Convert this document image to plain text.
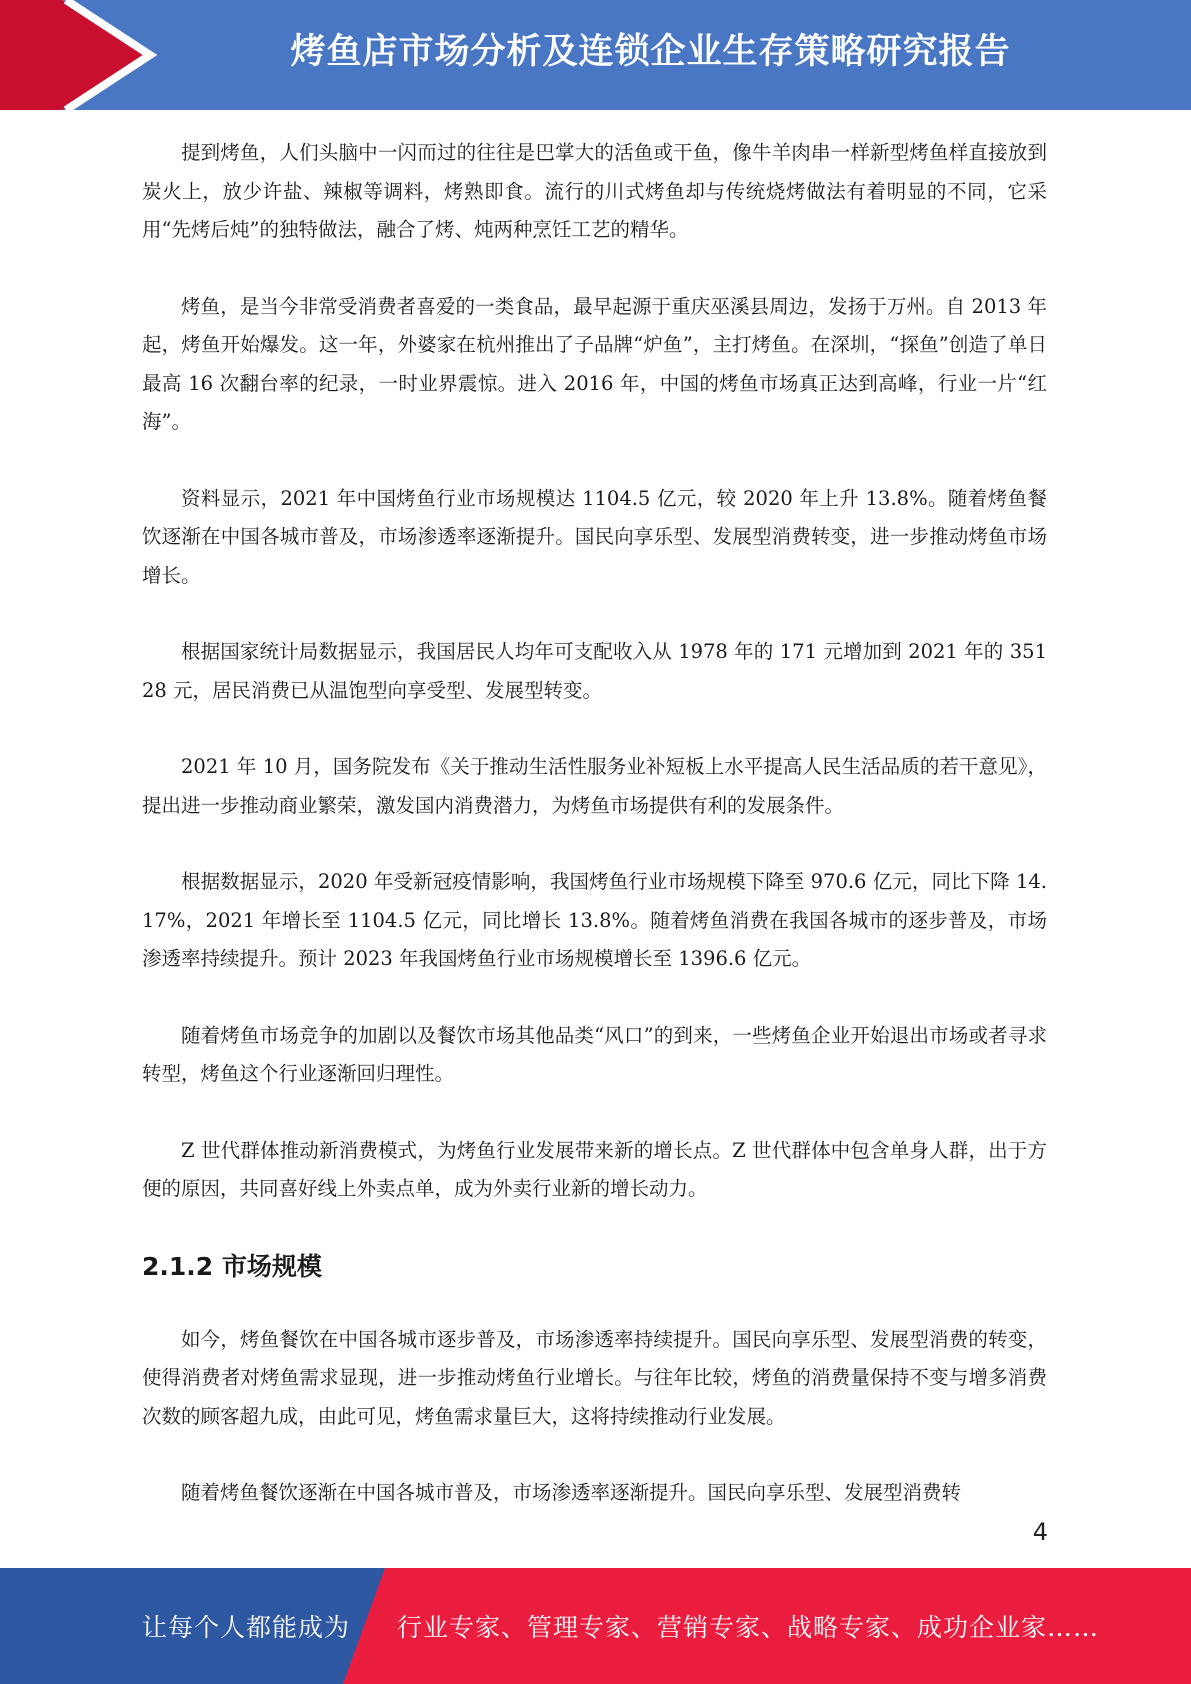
烤鱼店市场分析及连锁企业生存策略研究报告

提到烤鱼，人们头脑中一闪而过的往往是巴掌大的活鱼或干鱼，像牛羊肉串一样新型烤鱼样直接放到炭火上，放少许盐、辣椒等调料，烤熟即食。流行的川式烤鱼却与传统烧烤做法有着明显的不同，它采用“先烤后炖”的独特做法，融合了烤、炖两种烹饪工艺的精华。

烤鱼，是当今非常受消费者喜爱的一类食品，最早起源于重庆巫溪县周边，发扬于万州。自 2013 年起，烤鱼开始爆发。这一年，外婆家在杭州推出了子品牌“炉鱼”，主打烤鱼。在深圳，“探鱼”创造了单日最高 16 次翻台率的纪录，一时业界震惊。进入 2016 年，中国的烤鱼市场真正达到高峰，行业一片“红海”。

资料显示，2021 年中国烤鱼行业市场规模达 1104.5 亿元，较 2020 年上升 13.8%。随着烤鱼餐饮逐渐在中国各城市普及，市场渗透率逐渐提升。国民向享乐型、发展型消费转变，进一步推动烤鱼市场增长。

根据国家统计局数据显示，我国居民人均年可支配收入从 1978 年的 171 元增加到 2021 年的 35128 元，居民消费已从温饱型向享受型、发展型转变。

2021 年 10 月，国务院发布《关于推动生活性服务业补短板上水平提高人民生活品质的若干意见》，提出进一步推动商业繁荣，激发国内消费潜力，为烤鱼市场提供有利的发展条件。

根据数据显示，2020 年受新冠疫情影响，我国烤鱼行业市场规模下降至 970.6 亿元，同比下降 14.17%，2021 年增长至 1104.5 亿元，同比增长 13.8%。随着烤鱼消费在我国各城市的逐步普及，市场渗透率持续提升。预计 2023 年我国烤鱼行业市场规模增长至 1396.6 亿元。

随着烤鱼市场竞争的加剧以及餐饮市场其他品类“风口”的到来，一些烤鱼企业开始退出市场或者寻求转型，烤鱼这个行业逐渐回归理性。

Z 世代群体推动新消费模式，为烤鱼行业发展带来新的增长点。Z 世代群体中包含单身人群，出于方便的原因，共同喜好线上外卖点单，成为外卖行业新的增长动力。

2.1.2 市场规模

如今，烤鱼餐饮在中国各城市逐步普及，市场渗透率持续提升。国民向享乐型、发展型消费的转变，使得消费者对烤鱼需求显现，进一步推动烤鱼行业增长。与往年比较，烤鱼的消费量保持不变与增多消费次数的顾客超九成，由此可见，烤鱼需求量巨大，这将持续推动行业发展。

随着烤鱼餐饮逐渐在中国各城市普及，市场渗透率逐渐提升。国民向享乐型、发展型消费转

4
让每个人都能成为 行业专家、管理专家、营销专家、战略专家、成功企业家……
